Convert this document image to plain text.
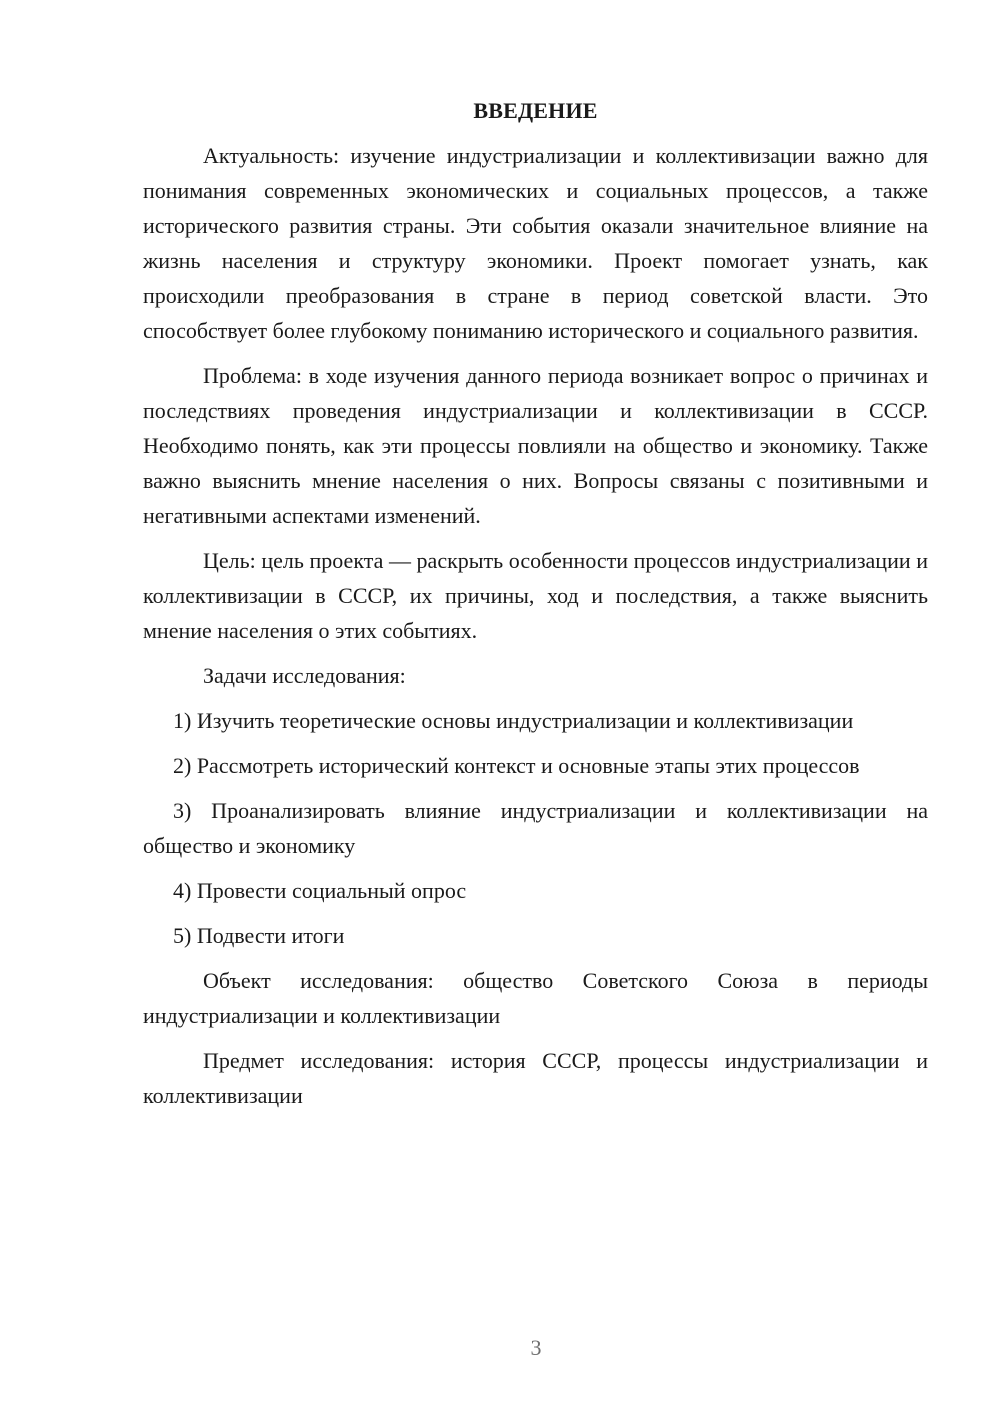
ВВЕДЕНИЕ

Актуальность: изучение индустриализации и коллективизации важно для понимания современных экономических и социальных процессов, а также исторического развития страны. Эти события оказали значительное влияние на жизнь населения и структуру экономики. Проект помогает узнать, как происходили преобразования в стране в период советской власти. Это способствует более глубокому пониманию исторического и социального развития.

Проблема: в ходе изучения данного периода возникает вопрос о причинах и последствиях проведения индустриализации и коллективизации в СССР. Необходимо понять, как эти процессы повлияли на общество и экономику. Также важно выяснить мнение населения о них. Вопросы связаны с позитивными и негативными аспектами изменений.

Цель: цель проекта — раскрыть особенности процессов индустриализации и коллективизации в СССР, их причины, ход и последствия, а также выяснить мнение населения о этих событиях.

Задачи исследования:

1) Изучить теоретические основы индустриализации и коллективизации

2) Рассмотреть исторический контекст и основные этапы этих процессов

3) Проанализировать влияние индустриализации и коллективизации на общество и экономику

4) Провести социальный опрос

5) Подвести итоги

Объект исследования: общество Советского Союза в периоды индустриализации и коллективизации

Предмет исследования: история СССР, процессы индустриализации и коллективизации

3
